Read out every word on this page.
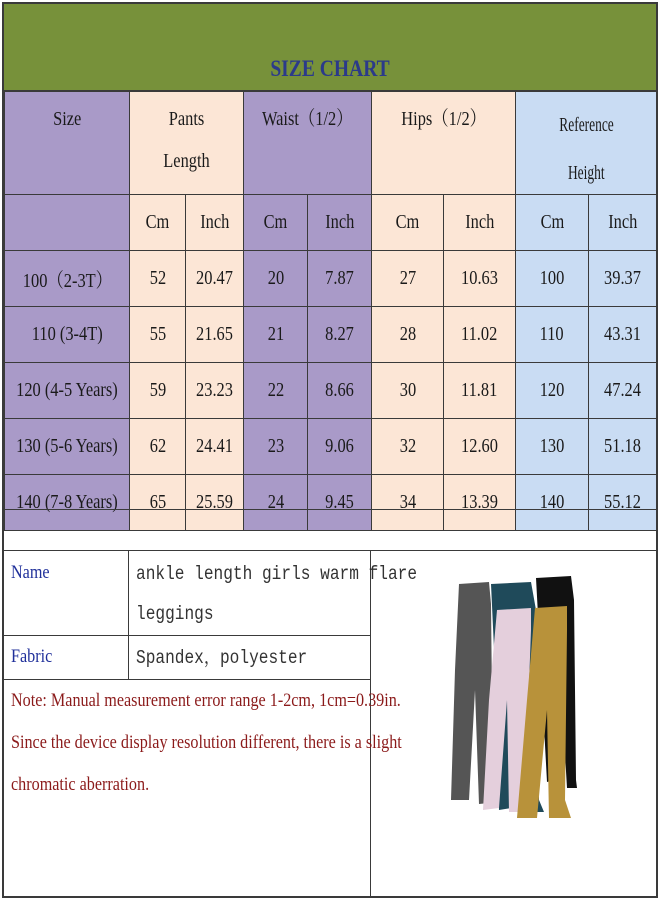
SIZE CHART
Size	Pants　Length		Waist（1/2）		Hips（1/2）		Reference
Height	
	Cm	Inch	Cm	Inch	Cm	Inch	Cm	Inch
100（2-3T）	52	20.47	20	7.87	27	10.63	100	39.37
110 (3-4T)	55	21.65	21	8.27	28	11.02	110	43.31
120 (4-5 Years)	59	23.23	22	8.66	30	11.81	120	47.24
130 (5-6 Years)	62	24.41	23	9.06	32	12.60	130	51.18
140 (7-8 Years)	65	25.59	24	9.45	34	13.39	140	55.12
Name	ankle length girls warm flare
leggings
Fabric	Spandex，polyester
Note: Manual measurement error range 1-2cm, 1cm=0.39in.
Since the device display resolution different, there is a slight
chromatic aberration.
